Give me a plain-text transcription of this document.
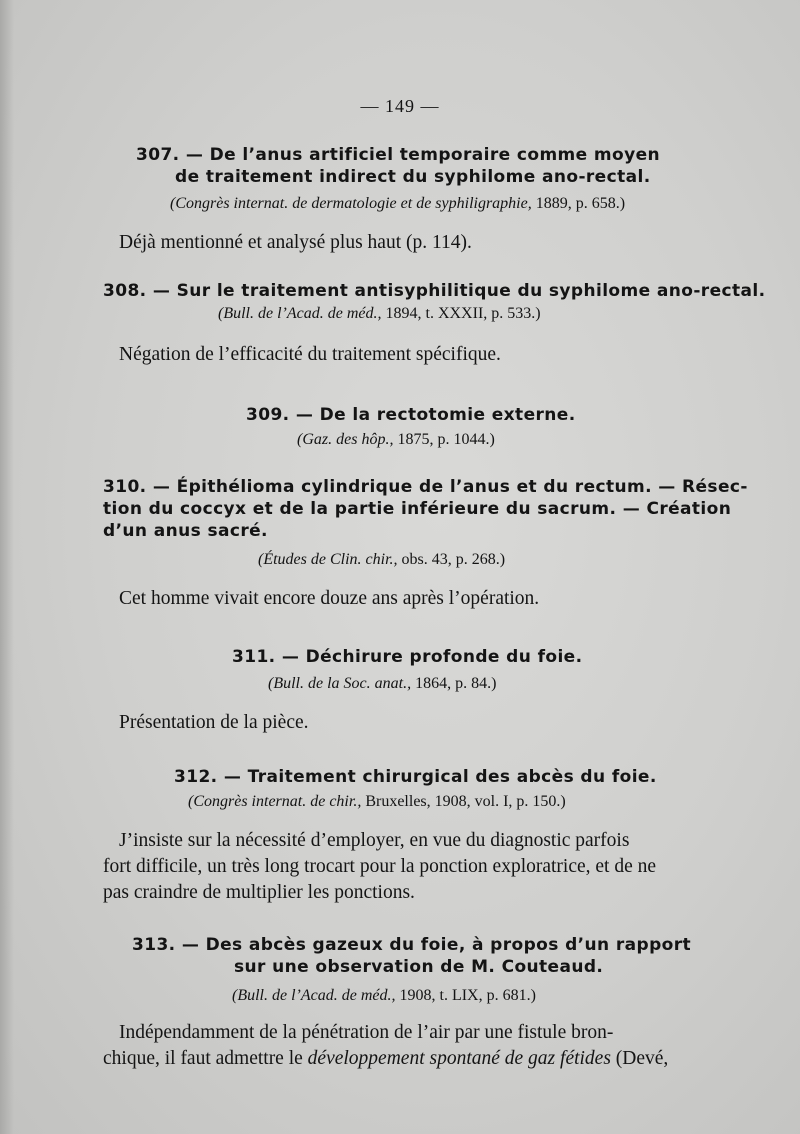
— 149 —
307. — De l’anus artificiel temporaire comme moyen
de traitement indirect du syphilome ano-rectal.
(Congrès internat. de dermatologie et de syphiligraphie, 1889, p. 658.)
Déjà mentionné et analysé plus haut (p. 114).
308. — Sur le traitement antisyphilitique du syphilome ano-rectal.
(Bull. de l’Acad. de méd., 1894, t. XXXII, p. 533.)
Négation de l’efficacité du traitement spécifique.
309. — De la rectotomie externe.
(Gaz. des hôp., 1875, p. 1044.)
310. — Épithélioma cylindrique de l’anus et du rectum. — Résec-
tion du coccyx et de la partie inférieure du sacrum. — Création
d’un anus sacré.
(Études de Clin. chir., obs. 43, p. 268.)
Cet homme vivait encore douze ans après l’opération.
311. — Déchirure profonde du foie.
(Bull. de la Soc. anat., 1864, p. 84.)
Présentation de la pièce.
312. — Traitement chirurgical des abcès du foie.
(Congrès internat. de chir., Bruxelles, 1908, vol. I, p. 150.)
J’insiste sur la nécessité d’employer, en vue du diagnostic parfois
fort difficile, un très long trocart pour la ponction exploratrice, et de ne
pas craindre de multiplier les ponctions.
313. — Des abcès gazeux du foie, à propos d’un rapport
sur une observation de M. Couteaud.
(Bull. de l’Acad. de méd., 1908, t. LIX, p. 681.)
Indépendamment de la pénétration de l’air par une fistule bron-
chique, il faut admettre le développement spontané de gaz fétides (Devé,
